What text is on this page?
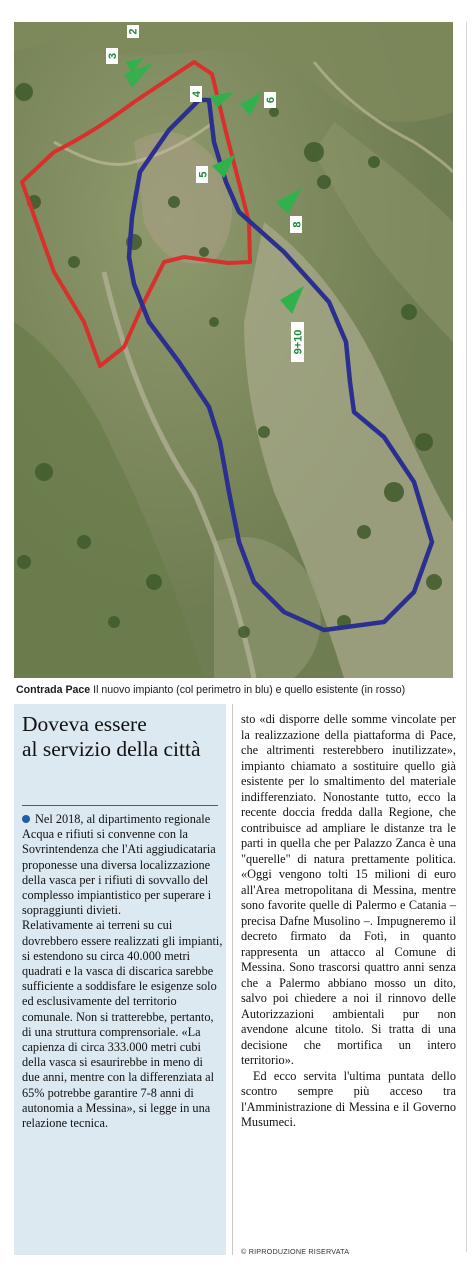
2
3
4
6
5
8
9+10
Contrada Pace Il nuovo impianto (col perimetro in blu) e quello esistente (in rosso)
Doveva essere
al servizio della città

Nel 2018, al dipartimento regionale Acqua e rifiuti si convenne con la Sovrintendenza che l'Ati aggiudicataria proponesse una diversa localizzazione della vasca per i rifiuti di sovvallo del complesso impiantistico per superare i sopraggiunti divieti.

Relativamente ai terreni su cui dovrebbero essere realizzati gli impianti, si estendono su circa 40.000 metri quadrati e la vasca di discarica sarebbe sufficiente a soddisfare le esigenze solo ed esclusivamente del territorio comunale. Non si tratterebbe, pertanto, di una struttura comprensoriale. «La capienza di circa 333.000 metri cubi della vasca si esaurirebbe in meno di due anni, mentre con la differenziata al 65% potrebbe garantire 7-8 anni di autonomia a Messina», si legge in una relazione tecnica.

sto «di disporre delle somme vincolate per la realizzazione della piattaforma di Pace, che altrimenti resterebbero inutilizzate», impianto chiamato a sostituire quello già esistente per lo smaltimento del materiale indifferenziato. Nonostante tutto, ecco la recente doccia fredda dalla Regione, che contribuisce ad ampliare le distanze tra le parti in quella che per Palazzo Zanca è una "querelle" di natura prettamente politica. «Oggi vengono tolti 15 milioni di euro all'Area metropolitana di Messina, mentre sono favorite quelle di Palermo e Catania – precisa Dafne Musolino –. Impugneremo il decreto firmato da Fotì, in quanto rappresenta un attacco al Comune di Messina. Sono trascorsi quattro anni senza che a Palermo abbiano mosso un dito, salvo poi chiedere a noi il rinnovo delle Autorizzazioni ambientali pur non avendone alcune titolo. Si tratta di una decisione che mortifica un intero territorio».

Ed ecco servita l'ultima puntata dello scontro sempre più acceso tra l'Amministrazione di Messina e il Governo Musumeci.

© RIPRODUZIONE RISERVATA
